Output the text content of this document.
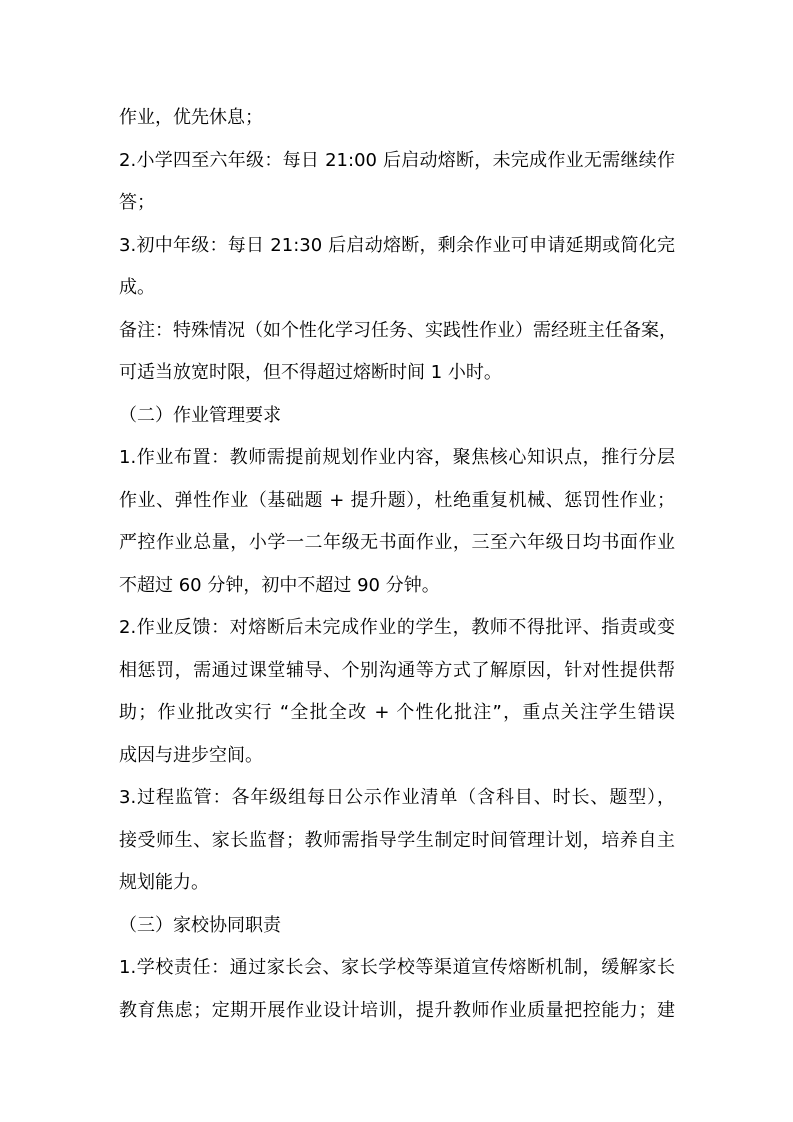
作业，优先休息；
2.小学四至六年级：每日 21:00 后启动熔断，未完成作业无需继续作
答；
3.初中年级：每日 21:30 后启动熔断，剩余作业可申请延期或简化完
成。
备注：特殊情况（如个性化学习任务、实践性作业）需经班主任备案，
可适当放宽时限，但不得超过熔断时间 1 小时。
（二）作业管理要求
1.作业布置：教师需提前规划作业内容，聚焦核心知识点，推行分层
作业、弹性作业（基础题 + 提升题），杜绝重复机械、惩罚性作业；
严控作业总量，小学一二年级无书面作业，三至六年级日均书面作业
不超过 60 分钟，初中不超过 90 分钟。
2.作业反馈：对熔断后未完成作业的学生，教师不得批评、指责或变
相惩罚，需通过课堂辅导、个别沟通等方式了解原因，针对性提供帮
助；作业批改实行 “全批全改 + 个性化批注”，重点关注学生错误
成因与进步空间。
3.过程监管：各年级组每日公示作业清单（含科目、时长、题型），
接受师生、家长监督；教师需指导学生制定时间管理计划，培养自主
规划能力。
（三）家校协同职责
1.学校责任：通过家长会、家长学校等渠道宣传熔断机制，缓解家长
教育焦虑；定期开展作业设计培训，提升教师作业质量把控能力；建
